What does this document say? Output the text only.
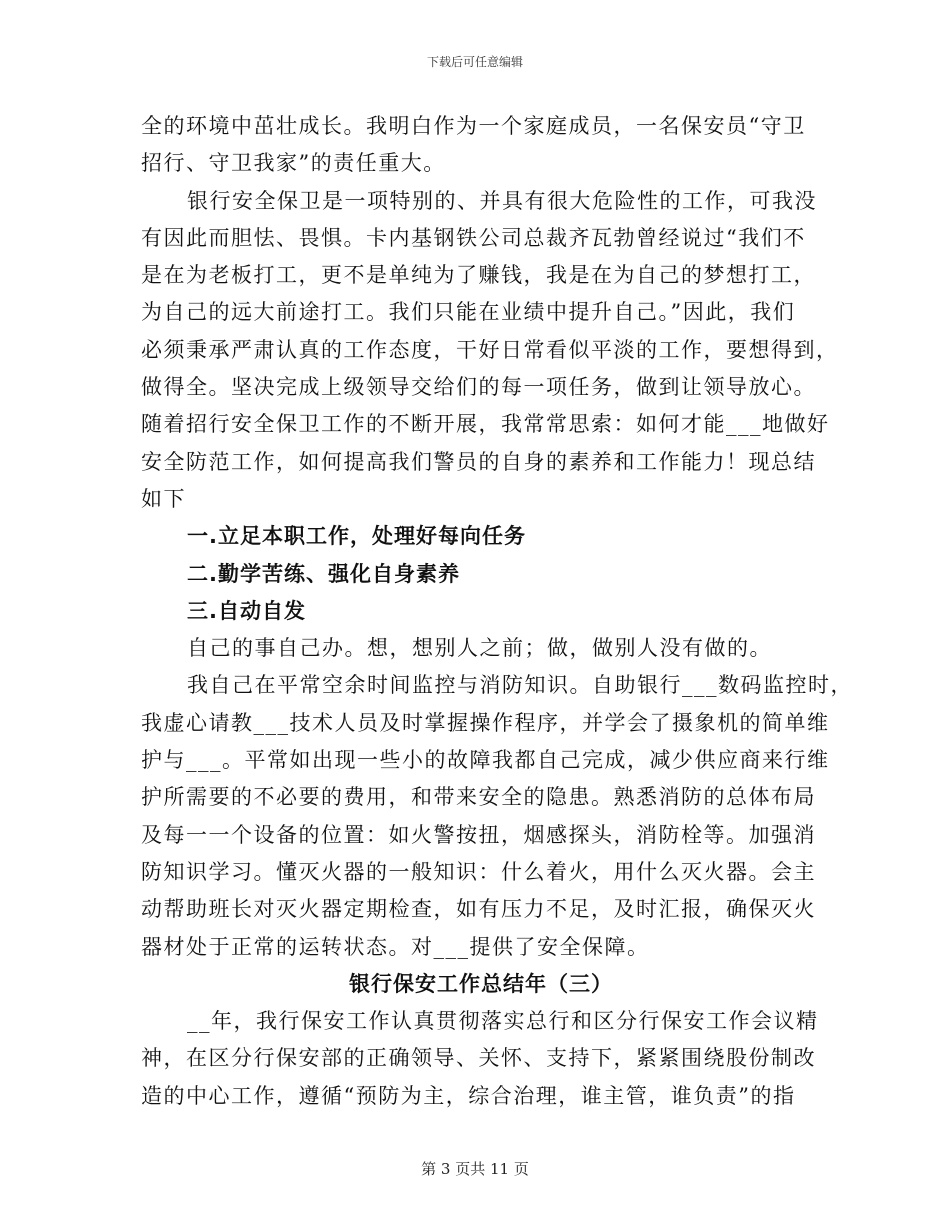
下载后可任意编辑
全的环境中茁壮成长。我明白作为一个家庭成员，一名保安员“守卫
招行、守卫我家”的责任重大。
银行安全保卫是一项特别的、并具有很大危险性的工作，可我没
有因此而胆怯、畏惧。卡内基钢铁公司总裁齐瓦勃曾经说过“我们不
是在为老板打工，更不是单纯为了赚钱，我是在为自己的梦想打工，
为自己的远大前途打工。我们只能在业绩中提升自己。”因此，我们
必须秉承严肃认真的工作态度，干好日常看似平淡的工作，要想得到，
做得全。坚决完成上级领导交给们的每一项任务，做到让领导放心。
随着招行安全保卫工作的不断开展，我常常思索：如何才能___地做好
安全防范工作，如何提高我们警员的自身的素养和工作能力！现总结
如下
一.立足本职工作，处理好每向任务
二.勤学苦练、强化自身素养
三.自动自发
自己的事自己办。想，想别人之前；做，做别人没有做的。
我自己在平常空余时间监控与消防知识。自助银行___数码监控时，
我虚心请教___技术人员及时掌握操作程序，并学会了摄象机的简单维
护与___。平常如出现一些小的故障我都自己完成，减少供应商来行维
护所需要的不必要的费用，和带来安全的隐患。熟悉消防的总体布局
及每一一个设备的位置：如火警按扭，烟感探头，消防栓等。加强消
防知识学习。懂灭火器的一般知识：什么着火，用什么灭火器。会主
动帮助班长对灭火器定期检查，如有压力不足，及时汇报，确保灭火
器材处于正常的运转状态。对___提供了安全保障。
银行保安工作总结年（三）
__年，我行保安工作认真贯彻落实总行和区分行保安工作会议精
神，在区分行保安部的正确领导、关怀、支持下，紧紧围绕股份制改
造的中心工作，遵循“预防为主，综合治理，谁主管，谁负责”的指
第 3 页共 11 页
